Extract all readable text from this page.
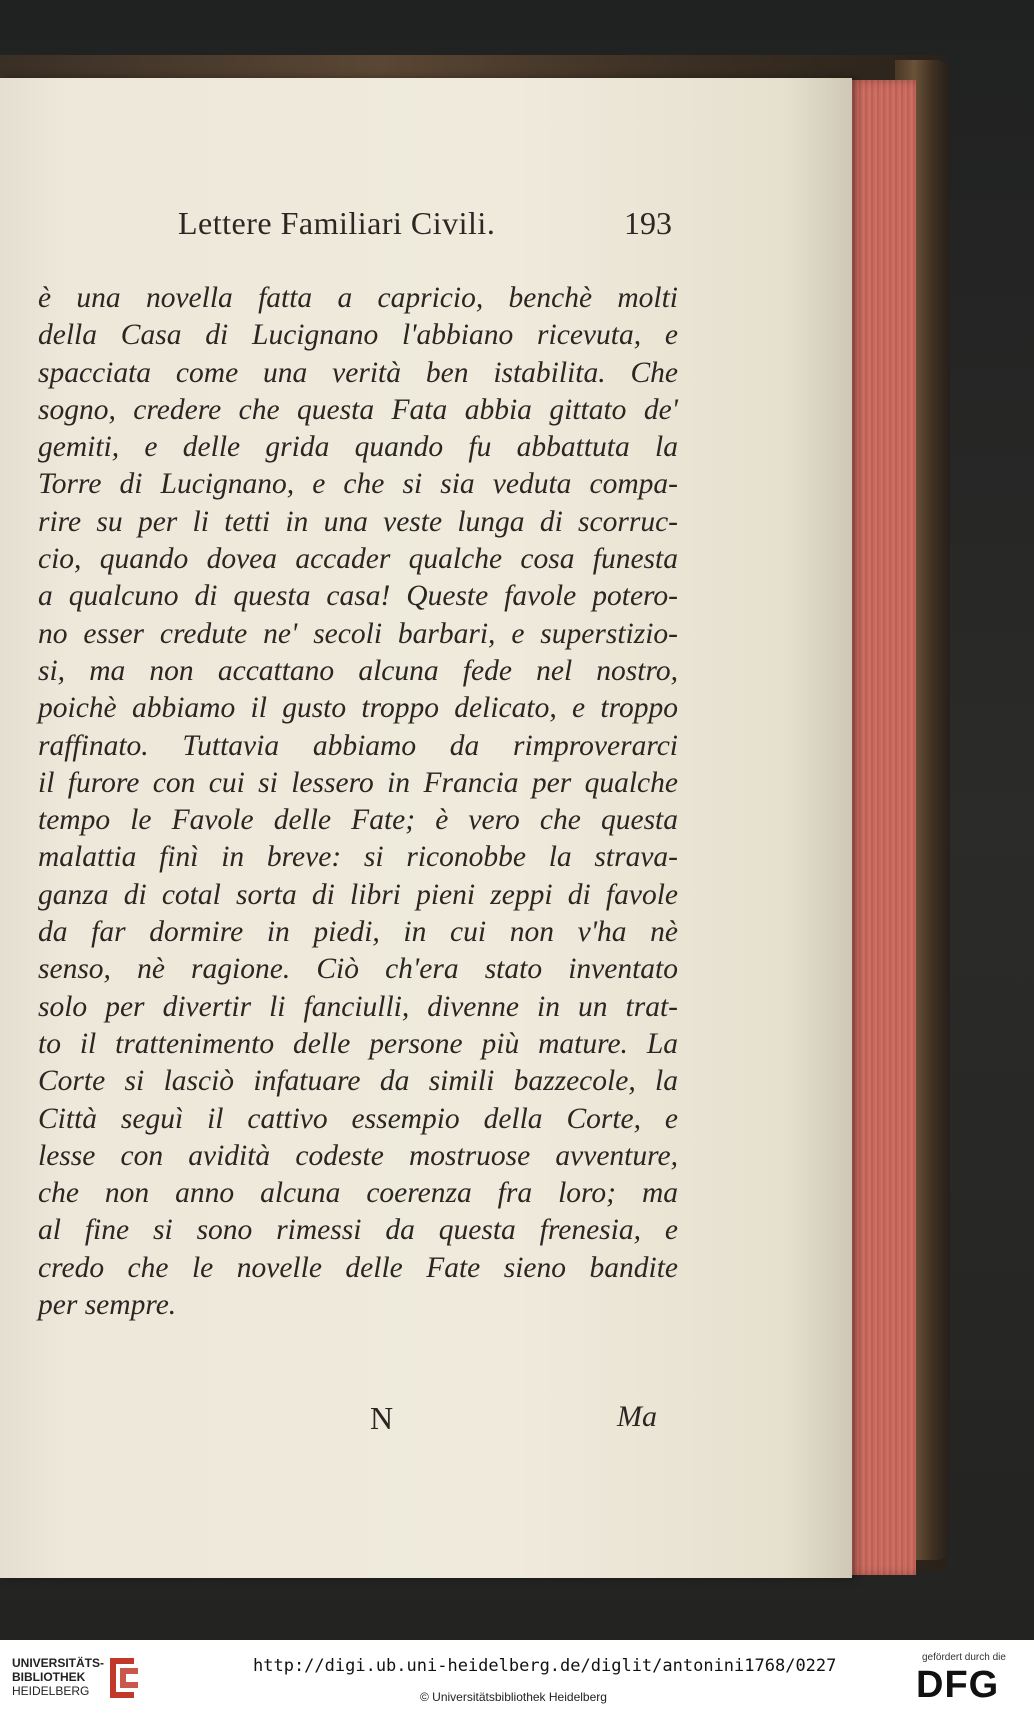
Lettere Familiari Civili.	193
è una novella fatta a capricio, benchè molti
della Casa di Lucignano l'abbiano ricevuta, e
spacciata come una verità ben istabilita. Che
sogno, credere che questa Fata abbia gittato de'
gemiti, e delle grida quando fu abbattuta la
Torre di Lucignano, e che si sia veduta compa-
rire su per li tetti in una veste lunga di scorruc-
cio, quando dovea accader qualche cosa funesta
a qualcuno di questa casa! Queste favole potero-
no esser credute ne' secoli barbari, e superstizio-
si, ma non accattano alcuna fede nel nostro,
poichè abbiamo il gusto troppo delicato, e troppo
raffinato. Tuttavia abbiamo da rimproverarci
il furore con cui si lessero in Francia per qualche
tempo le Favole delle Fate; è vero che questa
malattia finì in breve: si riconobbe la strava-
ganza di cotal sorta di libri pieni zeppi di favole
da far dormire in piedi, in cui non v'ha nè
senso, nè ragione. Ciò ch'era stato inventato
solo per divertir li fanciulli, divenne in un trat-
to il trattenimento delle persone più mature. La
Corte si lasciò infatuare da simili bazzecole, la
Città seguì il cattivo essempio della Corte, e
lesse con avidità codeste mostruose avventure,
che non anno alcuna coerenza fra loro; ma
al fine si sono rimessi da questa frenesia, e
credo che le novelle delle Fate sieno bandite
per sempre.
N	Ma
UNIVERSITÄTS-
BIBLIOTHEK
HEIDELBERG
http://digi.ub.uni-heidelberg.de/diglit/antonini1768/0227
© Universitätsbibliothek Heidelberg
gefördert durch die
DFG
